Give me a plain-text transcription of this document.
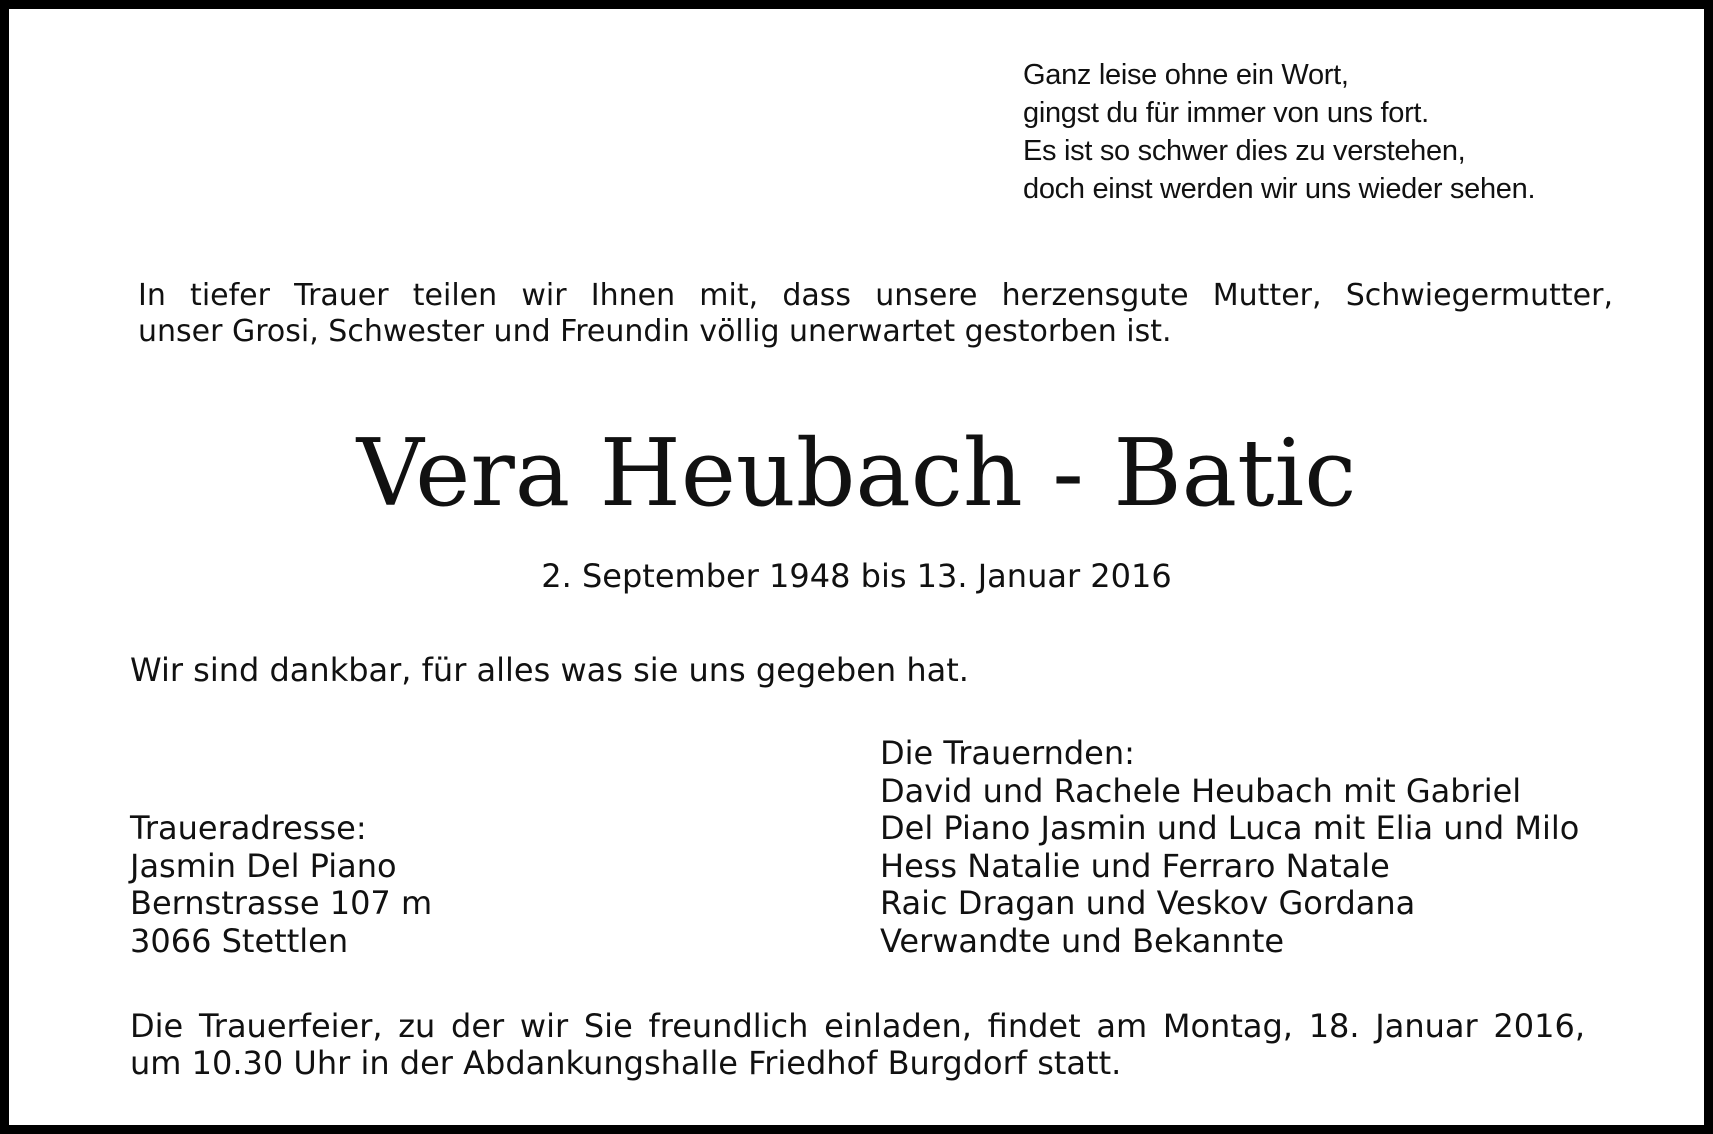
Ganz leise ohne ein Wort,
gingst du für immer von uns fort.
Es ist so schwer dies zu verstehen,
doch einst werden wir uns wieder sehen.
In tiefer Trauer teilen wir Ihnen mit, dass unsere herzensgute Mutter, Schwiegermutter,
unser Grosi, Schwester und Freundin völlig unerwartet gestorben ist.
Vera Heubach - Batic
2. September 1948 bis 13. Januar 2016
Wir sind dankbar, für alles was sie uns gegeben hat.
Die Trauernden:
David und Rachele Heubach mit Gabriel
Del Piano Jasmin und Luca mit Elia und Milo
Hess Natalie und Ferraro Natale
Raic Dragan und Veskov Gordana
Verwandte und Bekannte
Traueradresse:
Jasmin Del Piano
Bernstrasse 107 m
3066 Stettlen
Die Trauerfeier, zu der wir Sie freundlich einladen, findet am Montag, 18. Januar 2016,
um 10.30 Uhr in der Abdankungshalle Friedhof Burgdorf statt.
